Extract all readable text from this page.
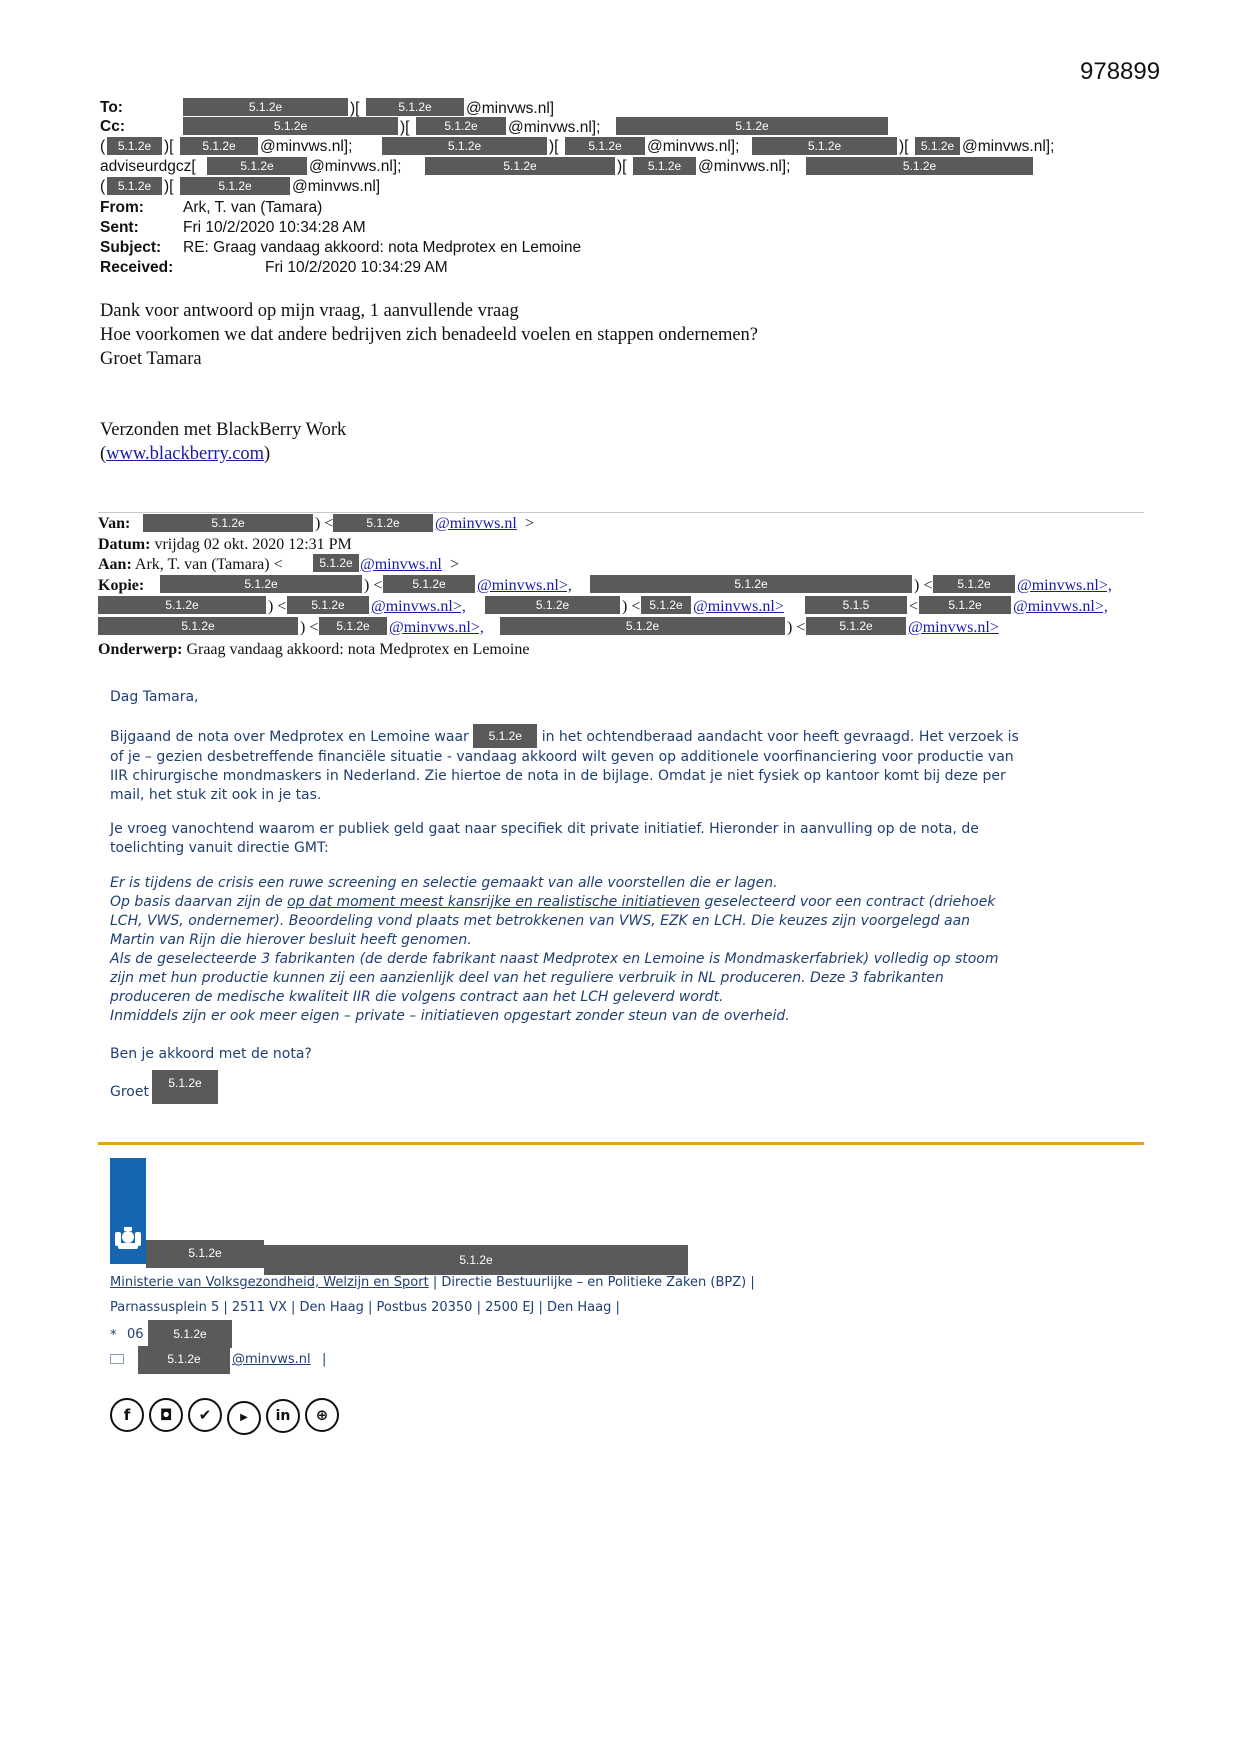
978899
To:	5.1.2e	)[	5.1.2e	@minvws.nl]
Cc:	5.1.2e	)[	5.1.2e	@minvws.nl];	5.1.2e
(	5.1.2e )[	5.1.2e	@minvws.nl];	5.1.2e	)[	5.1.2e	@minvws.nl];	5.1.2e	)[	5.1.2e @minvws.nl];
adviseurdgcz[	5.1.2e	@minvws.nl];	5.1.2e	)[	5.1.2e	@minvws.nl];	5.1.2e
(	5.1.2e )[	5.1.2e	@minvws.nl]
From:	Ark, T. van (Tamara)
Sent:	Fri 10/2/2020 10:34:28 AM
Subject: RE: Graag vandaag akkoord: nota Medprotex en Lemoine
Received:	Fri 10/2/2020 10:34:29 AM
Dank voor antwoord op mijn vraag, 1 aanvullende vraag
Hoe voorkomen we dat andere bedrijven zich benadeeld voelen en stappen ondernemen?
Groet Tamara
Verzonden met BlackBerry Work
(www.blackberry.com)
Van:	5.1.2e	) <	5.1.2e	@minvws.nl >
Datum: vrijdag 02 okt. 2020 12:31 PM
Aan: Ark, T. van (Tamara) <	5.1.2e @minvws.nl >
Kopie:	5.1.2e	) <	5.1.2e	@minvws.nl>,	5.1.2e	) <	5.1.2e	@minvws.nl>,
5.1.2e	) <	5.1.2e	@minvws.nl>,	5.1.2e	) < 5.1.2e @minvws.nl>	5.1.5	<	5.1.2e	@minvws.nl>,
5.1.2e	) <	5.1.2e	@minvws.nl>,	5.1.2e	) <	5.1.2e	@minvws.nl>
Onderwerp: Graag vandaag akkoord: nota Medprotex en Lemoine
Dag Tamara,
Bijgaand de nota over Medprotex en Lemoine waar 5.1.2e in het ochtendberaad aandacht voor heeft gevraagd. Het verzoek is
of je – gezien desbetreffende financiële situatie - vandaag akkoord wilt geven op additionele voorfinanciering voor productie van
IIR chirurgische mondmaskers in Nederland. Zie hiertoe de nota in de bijlage. Omdat je niet fysiek op kantoor komt bij deze per
mail, het stuk zit ook in je tas.
Je vroeg vanochtend waarom er publiek geld gaat naar specifiek dit private initiatief. Hieronder in aanvulling op de nota, de
toelichting vanuit directie GMT:
Er is tijdens de crisis een ruwe screening en selectie gemaakt van alle voorstellen die er lagen.
Op basis daarvan zijn de op dat moment meest kansrijke en realistische initiatieven geselecteerd voor een contract (driehoek
LCH, VWS, ondernemer). Beoordeling vond plaats met betrokkenen van VWS, EZK en LCH. Die keuzes zijn voorgelegd aan
Martin van Rijn die hierover besluit heeft genomen.
Als de geselecteerde 3 fabrikanten (de derde fabrikant naast Medprotex en Lemoine is Mondmaskerfabriek) volledig op stoom
zijn met hun productie kunnen zij een aanzienlijk deel van het reguliere verbruik in NL produceren. Deze 3 fabrikanten
produceren de medische kwaliteit IIR die volgens contract aan het LCH geleverd wordt.
Inmiddels zijn er ook meer eigen – private – initiatieven opgestart zonder steun van de overheid.
Ben je akkoord met de nota?
Groet
5.1.2e
5.1.2e	5.1.2e
Ministerie van Volksgezondheid, Welzijn en Sport | Directie Bestuurlijke – en Politieke Zaken (BPZ) |
Parnassusplein 5 | 2511 VX | Den Haag | Postbus 20350 | 2500 EJ | Den Haag |
* 06	5.1.2e
5.1.2e	@minvws.nl |
f ◘ ✔	▶ in ⊕
